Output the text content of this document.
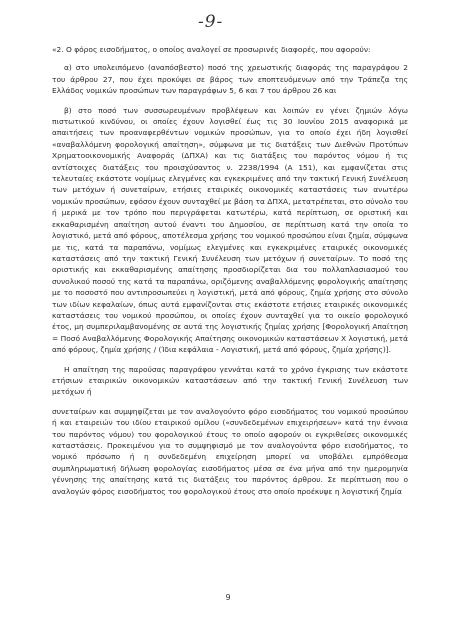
-9-

«2. Ο φόρος εισοδήματος, ο οποίος αναλογεί σε προσωρινές διαφορές, που αφορούν:

α) στο υπολειπόμενο (αναπόσβεστο) ποσό της χρεωστικής διαφοράς της παραγράφου 2 του άρθρου 27, που έχει προκύψει σε βάρος των εποπτευόμενων από την Τράπεζα της Ελλάδος νομικών προσώπων των παραγράφων 5, 6 και 7 του άρθρου 26 και

β) στο ποσό των συσσωρευμένων προβλέψεων και λοιπών εν γένει ζημιών λόγω πιστωτικού κινδύνου, οι οποίες έχουν λογισθεί έως τις 30 Ιουνίου 2015 αναφορικά με απαιτήσεις των προαναφερθέντων νομικών προσώπων, για το οποίο έχει ήδη λογισθεί «αναβαλλόμενη φορολογική απαίτηση», σύμφωνα με τις διατάξεις των Διεθνών Προτύπων Χρηματοοικονομικής Αναφοράς (ΔΠΧΑ) και τις διατάξεις του παρόντος νόμου ή τις αντίστοιχες διατάξεις του προισχύσαντος ν. 2238/1994 (Α 151), και εμφανίζεται στις τελευταίες εκάστοτε νομίμως ελεγμένες και εγκεκριμένες από την τακτική Γενική Συνέλευση των μετόχων ή συνεταίρων, ετήσιες εταιρικές οικονομικές καταστάσεις των ανωτέρω νομικών προσώπων, εφόσον έχουν συνταχθεί με βάση τα ΔΠΧΑ, μετατρέπεται, στο σύνολο του ή μερικά με τον τρόπο που περιγράφεται κατωτέρω, κατά περίπτωση, σε οριστική και εκκαθαρισμένη απαίτηση αυτού έναντι του Δημοσίου, σε περίπτωση κατά την οποία το λογιστικό, μετά από φόρους, αποτέλεσμα χρήσης του νομικού προσώπου είναι ζημία, σύμφωνα με τις, κατά τα παραπάνω, νομίμως ελεγμένες και εγκεκριμένες εταιρικές οικονομικές καταστάσεις από την τακτική Γενική Συνέλευση των μετόχων ή συνεταίρων. Το ποσό της οριστικής και εκκαθαρισμένης απαίτησης προσδιορίζεται δια του πολλαπλασιασμού του συνολικού ποσού της κατά τα παραπάνω, οριζόμενης αναβαλλόμενης φορολογικής απαίτησης με το ποσοστό που αντιπροσωπεύει η λογιστική, μετά από φόρους, ζημία χρήσης στο σύνολο των ιδίων κεφαλαίων, όπως αυτά εμφανίζονται στις εκάστοτε ετήσιες εταιρικές οικονομικές καταστάσεις του νομικού προσώπου, οι οποίες έχουν συνταχθεί για το οικείο φορολογικό έτος, μη συμπεριλαμβανομένης σε αυτά της λογιστικής ζημίας χρήσης [Φορολογική Απαίτηση = Ποσό Αναβαλλόμενης Φορολογικής Απαίτησης οικονομικών καταστάσεων Χ λογιστική, μετά από φόρους, ζημία χρήσης / (Ίδια κεφάλαια - Λογιστική, μετά από φόρους, ζημία χρήσης)].

Η απαίτηση της παρούσας παραγράφου γεννάται κατά το χρόνο έγκρισης των εκάστοτε ετήσιων εταιρικών οικονομικών καταστάσεων από την τακτική Γενική Συνέλευση των μετόχων ή

συνεταίρων και συμψηφίζεται με τον αναλογούντο φόρο εισοδήματος του νομικού προσώπου ή και εταιρειών του ιδίου εταιρικού ομίλου («συνδεδεμένων επιχειρήσεων» κατά την έννοια του παρόντος νόμου) του φορολογικού έτους το οποίο αφορούν οι εγκριθείσες οικονομικές καταστάσεις. Προκειμένου για το συμψηφισμό με τον αναλογούντα φόρο εισοδήματος, το νομικό πρόσωπο ή η συνδεδεμένη επιχείρηση μπορεί να υποβάλει εμπρόθεσμα συμπληρωματική δήλωση φορολογίας εισοδήματος μέσα σε ένα μήνα από την ημερομηνία γέννησης της απαίτησης κατά τις διατάξεις του παρόντος άρθρου. Σε περίπτωση που ο αναλογών φόρος εισοδήματος του φορολογικού έτους στο οποίο προέκυψε η λογιστική ζημία

9
